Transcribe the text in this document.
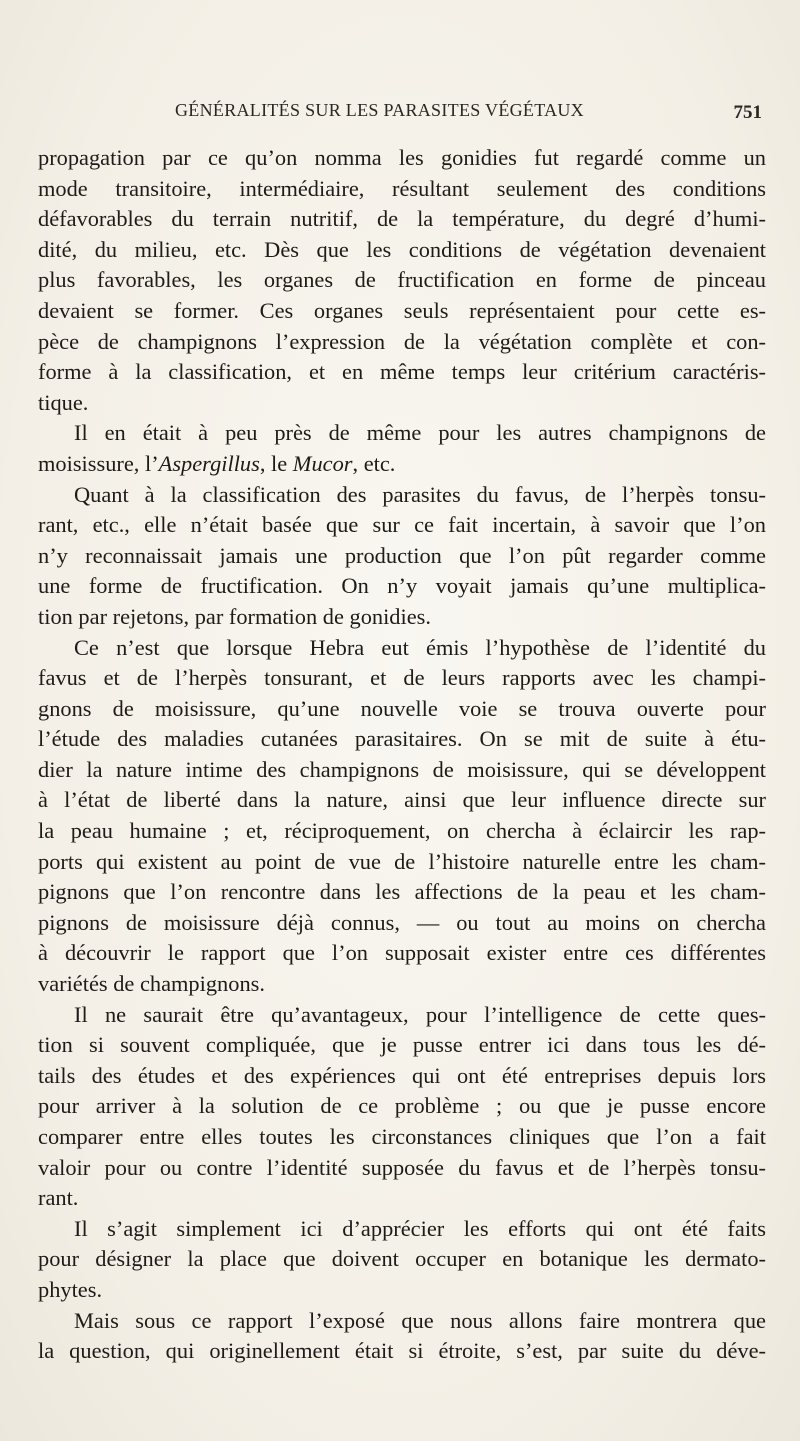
GÉNÉRALITÉS SUR LES PARASITES VÉGÉTAUX	751
propagation par ce qu’on nomma les gonidies fut regardé comme un
mode transitoire, intermédiaire, résultant seulement des conditions
défavorables du terrain nutritif, de la température, du degré d’humi-
dité, du milieu, etc. Dès que les conditions de végétation devenaient
plus favorables, les organes de fructification en forme de pinceau
devaient se former. Ces organes seuls représentaient pour cette es-
pèce de champignons l’expression de la végétation complète et con-
forme à la classification, et en même temps leur critérium caractéris-
tique.
Il en était à peu près de même pour les autres champignons de
moisissure, l’Aspergillus, le Mucor, etc.
Quant à la classification des parasites du favus, de l’herpès tonsu-
rant, etc., elle n’était basée que sur ce fait incertain, à savoir que l’on
n’y reconnaissait jamais une production que l’on pût regarder comme
une forme de fructification. On n’y voyait jamais qu’une multiplica-
tion par rejetons, par formation de gonidies.
Ce n’est que lorsque Hebra eut émis l’hypothèse de l’identité du
favus et de l’herpès tonsurant, et de leurs rapports avec les champi-
gnons de moisissure, qu’une nouvelle voie se trouva ouverte pour
l’étude des maladies cutanées parasitaires. On se mit de suite à étu-
dier la nature intime des champignons de moisissure, qui se développent
à l’état de liberté dans la nature, ainsi que leur influence directe sur
la peau humaine ; et, réciproquement, on chercha à éclaircir les rap-
ports qui existent au point de vue de l’histoire naturelle entre les cham-
pignons que l’on rencontre dans les affections de la peau et les cham-
pignons de moisissure déjà connus, — ou tout au moins on chercha
à découvrir le rapport que l’on supposait exister entre ces différentes
variétés de champignons.
Il ne saurait être qu’avantageux, pour l’intelligence de cette ques-
tion si souvent compliquée, que je pusse entrer ici dans tous les dé-
tails des études et des expériences qui ont été entreprises depuis lors
pour arriver à la solution de ce problème ; ou que je pusse encore
comparer entre elles toutes les circonstances cliniques que l’on a fait
valoir pour ou contre l’identité supposée du favus et de l’herpès tonsu-
rant.
Il s’agit simplement ici d’apprécier les efforts qui ont été faits
pour désigner la place que doivent occuper en botanique les dermato-
phytes.
Mais sous ce rapport l’exposé que nous allons faire montrera que
la question, qui originellement était si étroite, s’est, par suite du déve-
